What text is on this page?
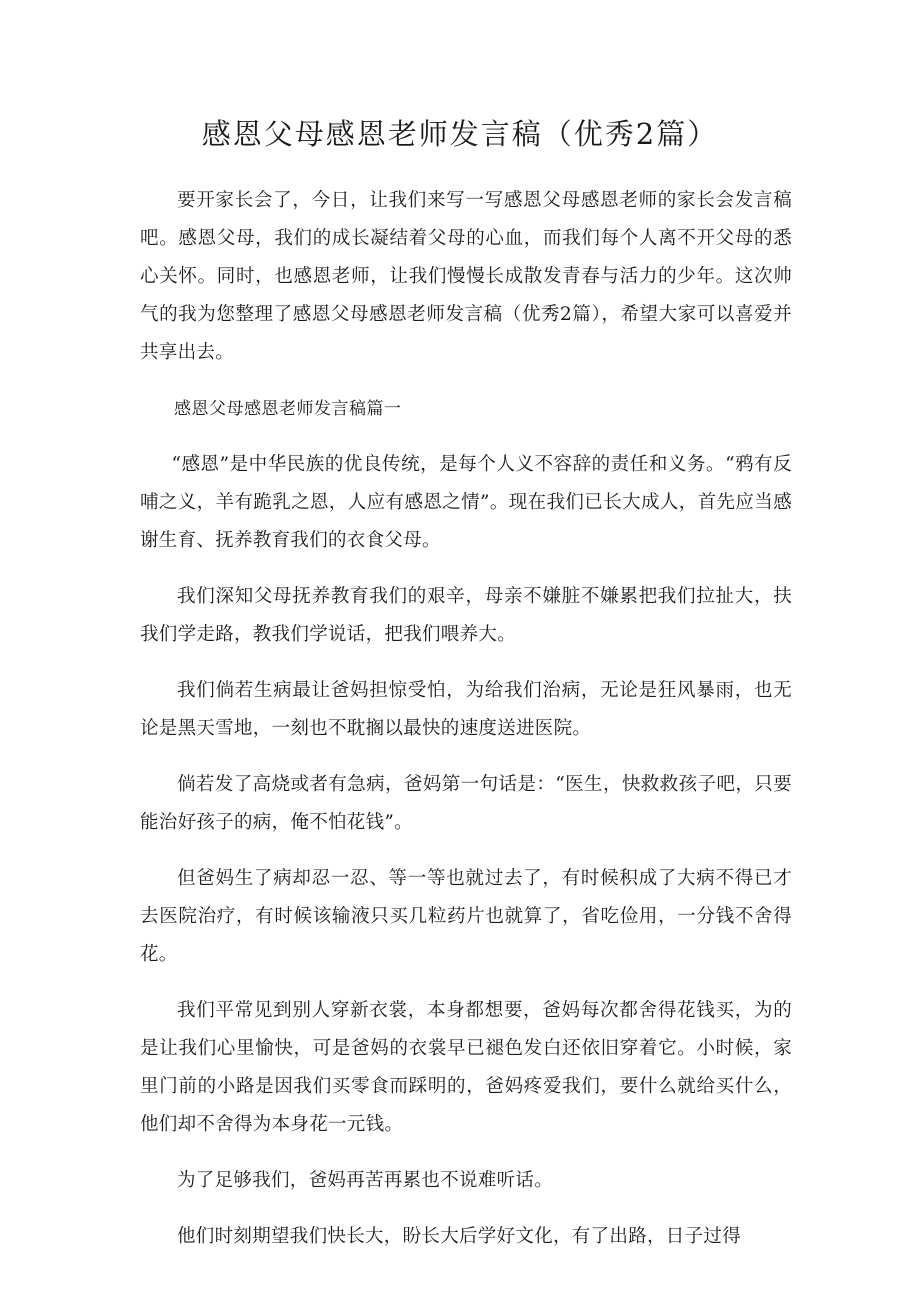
感恩父母感恩老师发言稿（优秀2篇）

要开家长会了，今日，让我们来写一写感恩父母感恩老师的家长会发言稿吧。感恩父母，我们的成长凝结着父母的心血，而我们每个人离不开父母的悉心关怀。同时，也感恩老师，让我们慢慢长成散发青春与活力的少年。这次帅气的我为您整理了感恩父母感恩老师发言稿（优秀2篇），希望大家可以喜爱并共享出去。

感恩父母感恩老师发言稿篇一

“感恩”是中华民族的优良传统，是每个人义不容辞的责任和义务。“鸦有反哺之义，羊有跪乳之恩，人应有感恩之情”。现在我们已长大成人，首先应当感谢生育、抚养教育我们的衣食父母。

我们深知父母抚养教育我们的艰辛，母亲不嫌脏不嫌累把我们拉扯大，扶我们学走路，教我们学说话，把我们喂养大。

我们倘若生病最让爸妈担惊受怕，为给我们治病，无论是狂风暴雨，也无论是黑天雪地，一刻也不耽搁以最快的速度送进医院。

倘若发了高烧或者有急病，爸妈第一句话是：“医生，快救救孩子吧，只要能治好孩子的病，俺不怕花钱”。

但爸妈生了病却忍一忍、等一等也就过去了，有时候积成了大病不得已才去医院治疗，有时候该输液只买几粒药片也就算了，省吃俭用，一分钱不舍得花。

我们平常见到别人穿新衣裳，本身都想要，爸妈每次都舍得花钱买，为的是让我们心里愉快，可是爸妈的衣裳早已褪色发白还依旧穿着它。小时候，家里门前的小路是因我们买零食而踩明的，爸妈疼爱我们，要什么就给买什么，他们却不舍得为本身花一元钱。

为了足够我们，爸妈再苦再累也不说难听话。

他们时刻期望我们快长大，盼长大后学好文化，有了出路，日子过得
